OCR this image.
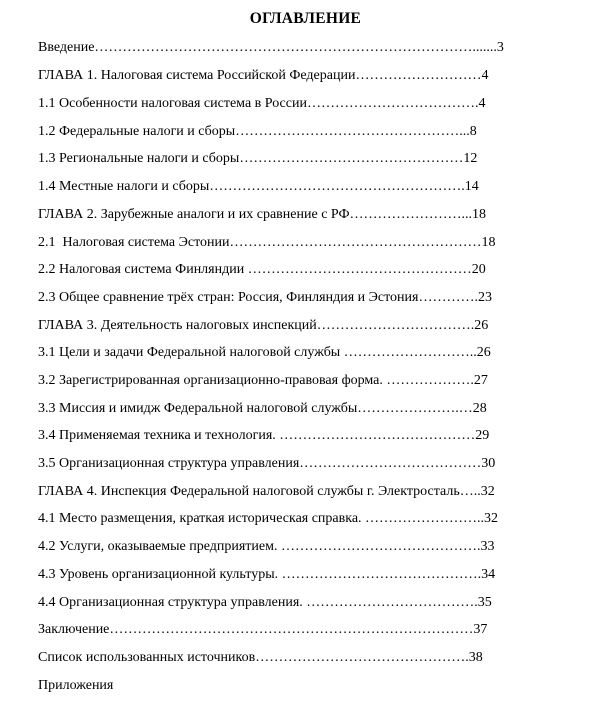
ОГЛАВЛЕНИЕ
Введение……………………………………………………………………….......3
ГЛАВА 1. Налоговая система Российской Федерации………………………4
1.1 Особенности налоговая система в России……………………………….4
1.2 Федеральные налоги и сборы…………………………………………...8
1.3 Региональные налоги и сборы…………………………………………12
1.4 Местные налоги и сборы……………………………………………….14
ГЛАВА 2. Зарубежные аналоги и их сравнение с РФ……………………...18
2.1  Налоговая система Эстонии………………………………………………18
2.2 Налоговая система Финляндии …………………………………………20
2.3 Общее сравнение трёх стран: Россия, Финляндия и Эстония………….23
ГЛАВА 3. Деятельность налоговых инспекций…………………………….26
3.1 Цели и задачи Федеральной налоговой службы ………………………..26
3.2 Зарегистрированная организационно-правовая форма. ……………….27
3.3 Миссия и имидж Федеральной налоговой службы………………….…28
3.4 Применяемая техника и технология. ……………………………………29
3.5 Организационная структура управления…………………………………30
ГЛАВА 4. Инспекция Федеральной налоговой службы г. Электросталь…..32
4.1 Место размещения, краткая историческая справка. ……………………..32
4.2 Услуги, оказываемые предприятием. …………………………………….33
4.3 Уровень организационной культуры. …………………………………….34
4.4 Организационная структура управления. ……………………………….35
Заключение……………………………………………………………………37
Список использованных источников……………………………………….38
Приложения
